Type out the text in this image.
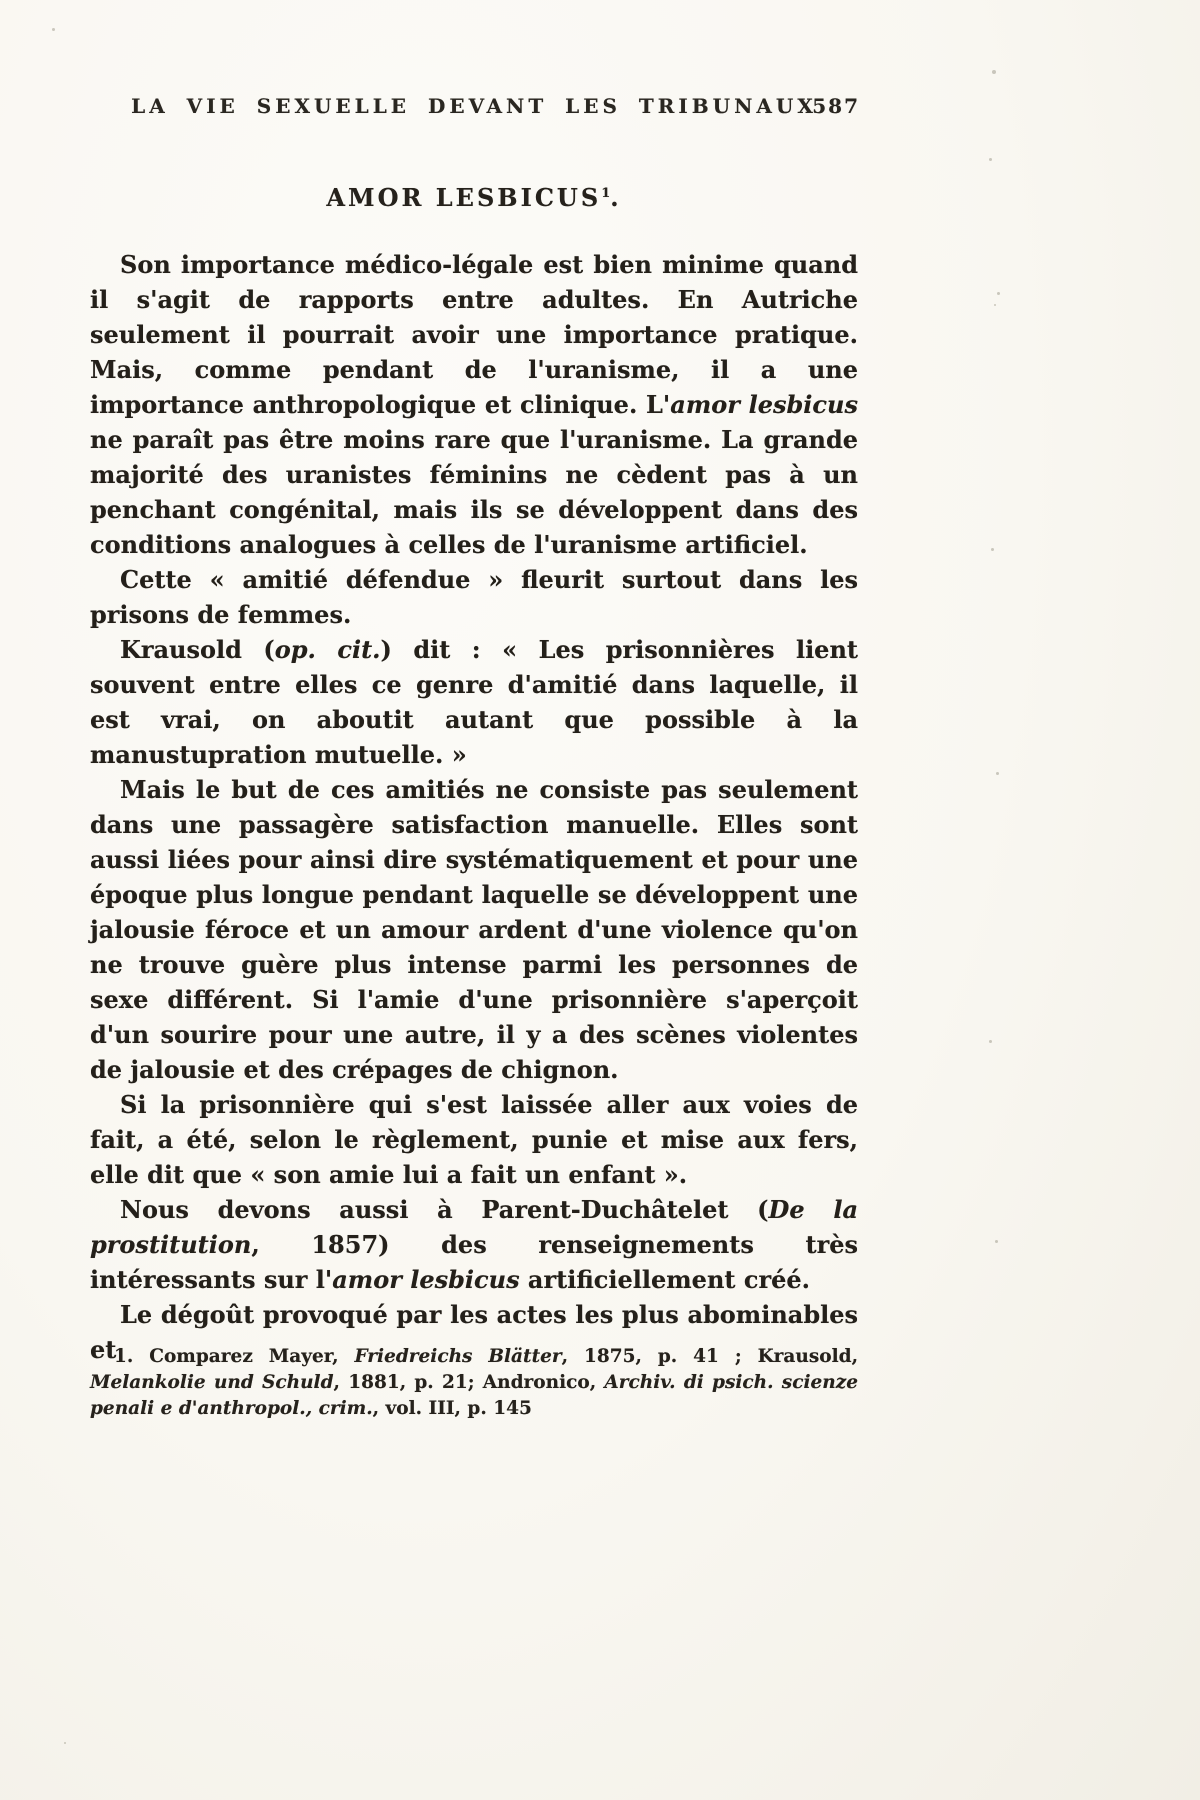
LA VIE SEXUELLE DEVANT LES TRIBUNAUX
587
AMOR LESBICUS$^1$.

Son importance médico-légale est bien minime quand il s'agit de rapports entre adultes. En Autriche seulement il pourrait avoir une importance pratique. Mais, comme pendant de l'uranisme, il a une importance anthropologique et clinique. L'amor lesbicus ne paraît pas être moins rare que l'uranisme. La grande majorité des uranistes féminins ne cèdent pas à un penchant congénital, mais ils se développent dans des conditions analogues à celles de l'uranisme artificiel.

Cette « amitié défendue » fleurit surtout dans les prisons de femmes.

Krausold (op. cit.) dit : « Les prisonnières lient souvent entre elles ce genre d'amitié dans laquelle, il est vrai, on aboutit autant que possible à la manustupration mutuelle. »

Mais le but de ces amitiés ne consiste pas seulement dans une passagère satisfaction manuelle. Elles sont aussi liées pour ainsi dire systématiquement et pour une époque plus longue pendant laquelle se développent une jalousie féroce et un amour ardent d'une violence qu'on ne trouve guère plus intense parmi les personnes de sexe différent. Si l'amie d'une prisonnière s'aperçoit d'un sourire pour une autre, il y a des scènes violentes de jalousie et des crépages de chignon.

Si la prisonnière qui s'est laissée aller aux voies de fait, a été, selon le règlement, punie et mise aux fers, elle dit que « son amie lui a fait un enfant ».

Nous devons aussi à Parent-Duchâtelet (De la prostitution, 1857) des renseignements très intéressants sur l'amor lesbicus artificiellement créé.

Le dégoût provoqué par les actes les plus abominables et

1. Comparez Mayer, Friedreichs Blätter, 1875, p. 41 ; Krausold, Melankolie und Schuld, 1881, p. 21; Andronico, Archiv. di psich. scienze penali e d'anthropol., crim., vol. III, p. 145
